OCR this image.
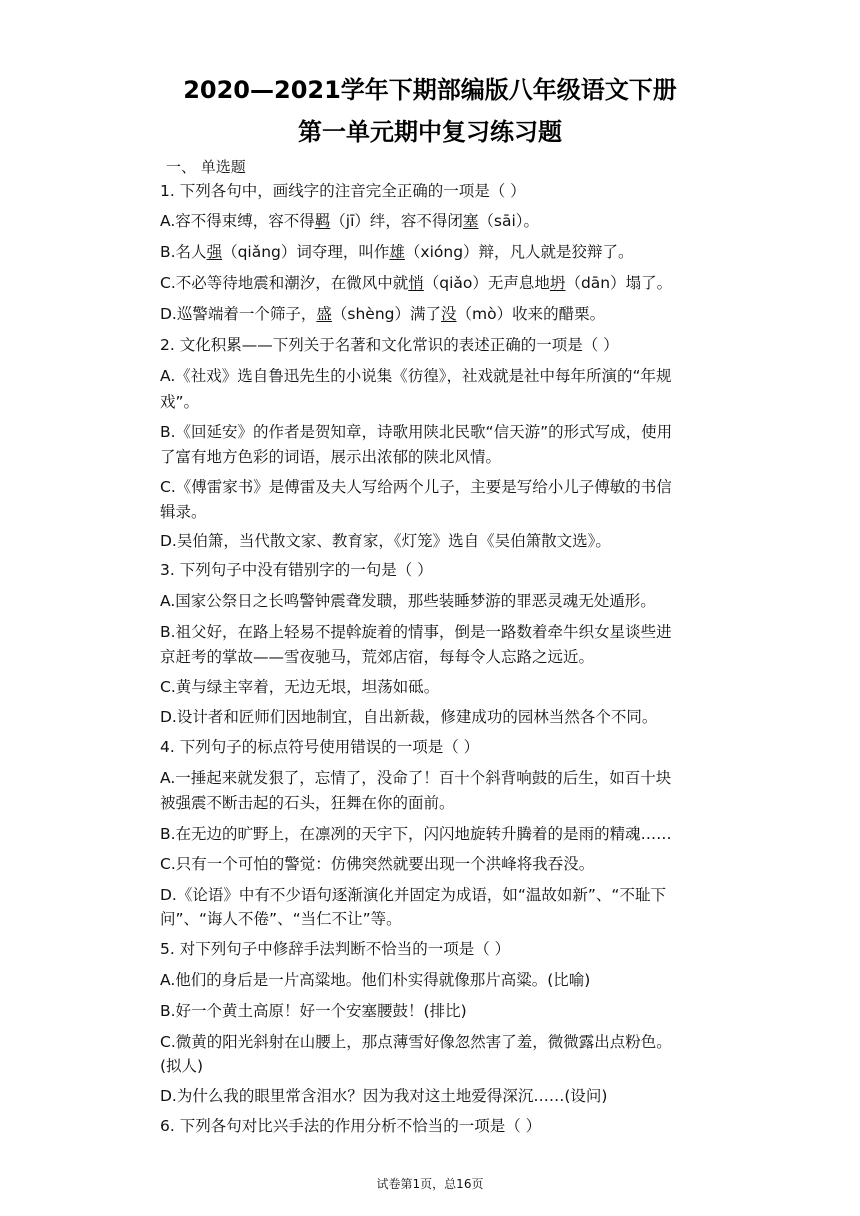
2020—2021学年下期部编版八年级语文下册
第一单元期中复习练习题
一、 单选题
1. 下列各句中，画线字的注音完全正确的一项是（ ）
A.容不得束缚，容不得羁（jī）绊，容不得闭塞（sāi）。
B.名人强（qiǎng）词夺理，叫作雄（xióng）辩，凡人就是狡辩了。
C.不必等待地震和潮汐，在微风中就悄（qiǎo）无声息地坍（dān）塌了。
D.巡警端着一个筛子，盛（shèng）满了没（mò）收来的醋栗。
2. 文化积累——下列关于名著和文化常识的表述正确的一项是（ ）
A.《社戏》选自鲁迅先生的小说集《彷徨》，社戏就是社中每年所演的“年规
戏”。
B.《回延安》的作者是贺知章，诗歌用陕北民歌“信天游”的形式写成，使用
了富有地方色彩的词语，展示出浓郁的陕北风情。
C.《傅雷家书》是傅雷及夫人写给两个儿子，主要是写给小儿子傅敏的书信
辑录。
D.吴伯箫，当代散文家、教育家，《灯笼》选自《吴伯箫散文选》。
3. 下列句子中没有错别字的一句是（ ）
A.国家公祭日之长鸣警钟震聋发聩，那些装睡梦游的罪恶灵魂无处遁形。
B.祖父好，在路上轻易不提斡旋着的情事，倒是一路数着牵牛织女星谈些进
京赶考的掌故——雪夜驰马，荒郊店宿，每每令人忘路之远近。
C.黄与绿主宰着，无边无垠，坦荡如砥。
D.设计者和匠师们因地制宜，自出新裁，修建成功的园林当然各个不同。
4. 下列句子的标点符号使用错误的一项是（ ）
A.一捶起来就发狠了，忘情了，没命了！百十个斜背响鼓的后生，如百十块
被强震不断击起的石头，狂舞在你的面前。
B.在无边的旷野上，在凛冽的天宇下，闪闪地旋转升腾着的是雨的精魂……
C.只有一个可怕的警觉：仿佛突然就要出现一个洪峰将我吞没。
D.《论语》中有不少语句逐渐演化并固定为成语，如“温故如新”、“不耻下
问”、“诲人不倦”、“当仁不让”等。
5. 对下列句子中修辞手法判断不恰当的一项是（ ）
A.他们的身后是一片高粱地。他们朴实得就像那片高粱。(比喻)
B.好一个黄土高原！好一个安塞腰鼓！(排比)
C.微黄的阳光斜射在山腰上，那点薄雪好像忽然害了羞，微微露出点粉色。
(拟人)
D.为什么我的眼里常含泪水？因为我对这土地爱得深沉……(设问)
6. 下列各句对比兴手法的作用分析不恰当的一项是（ ）
试卷第1页，总16页
